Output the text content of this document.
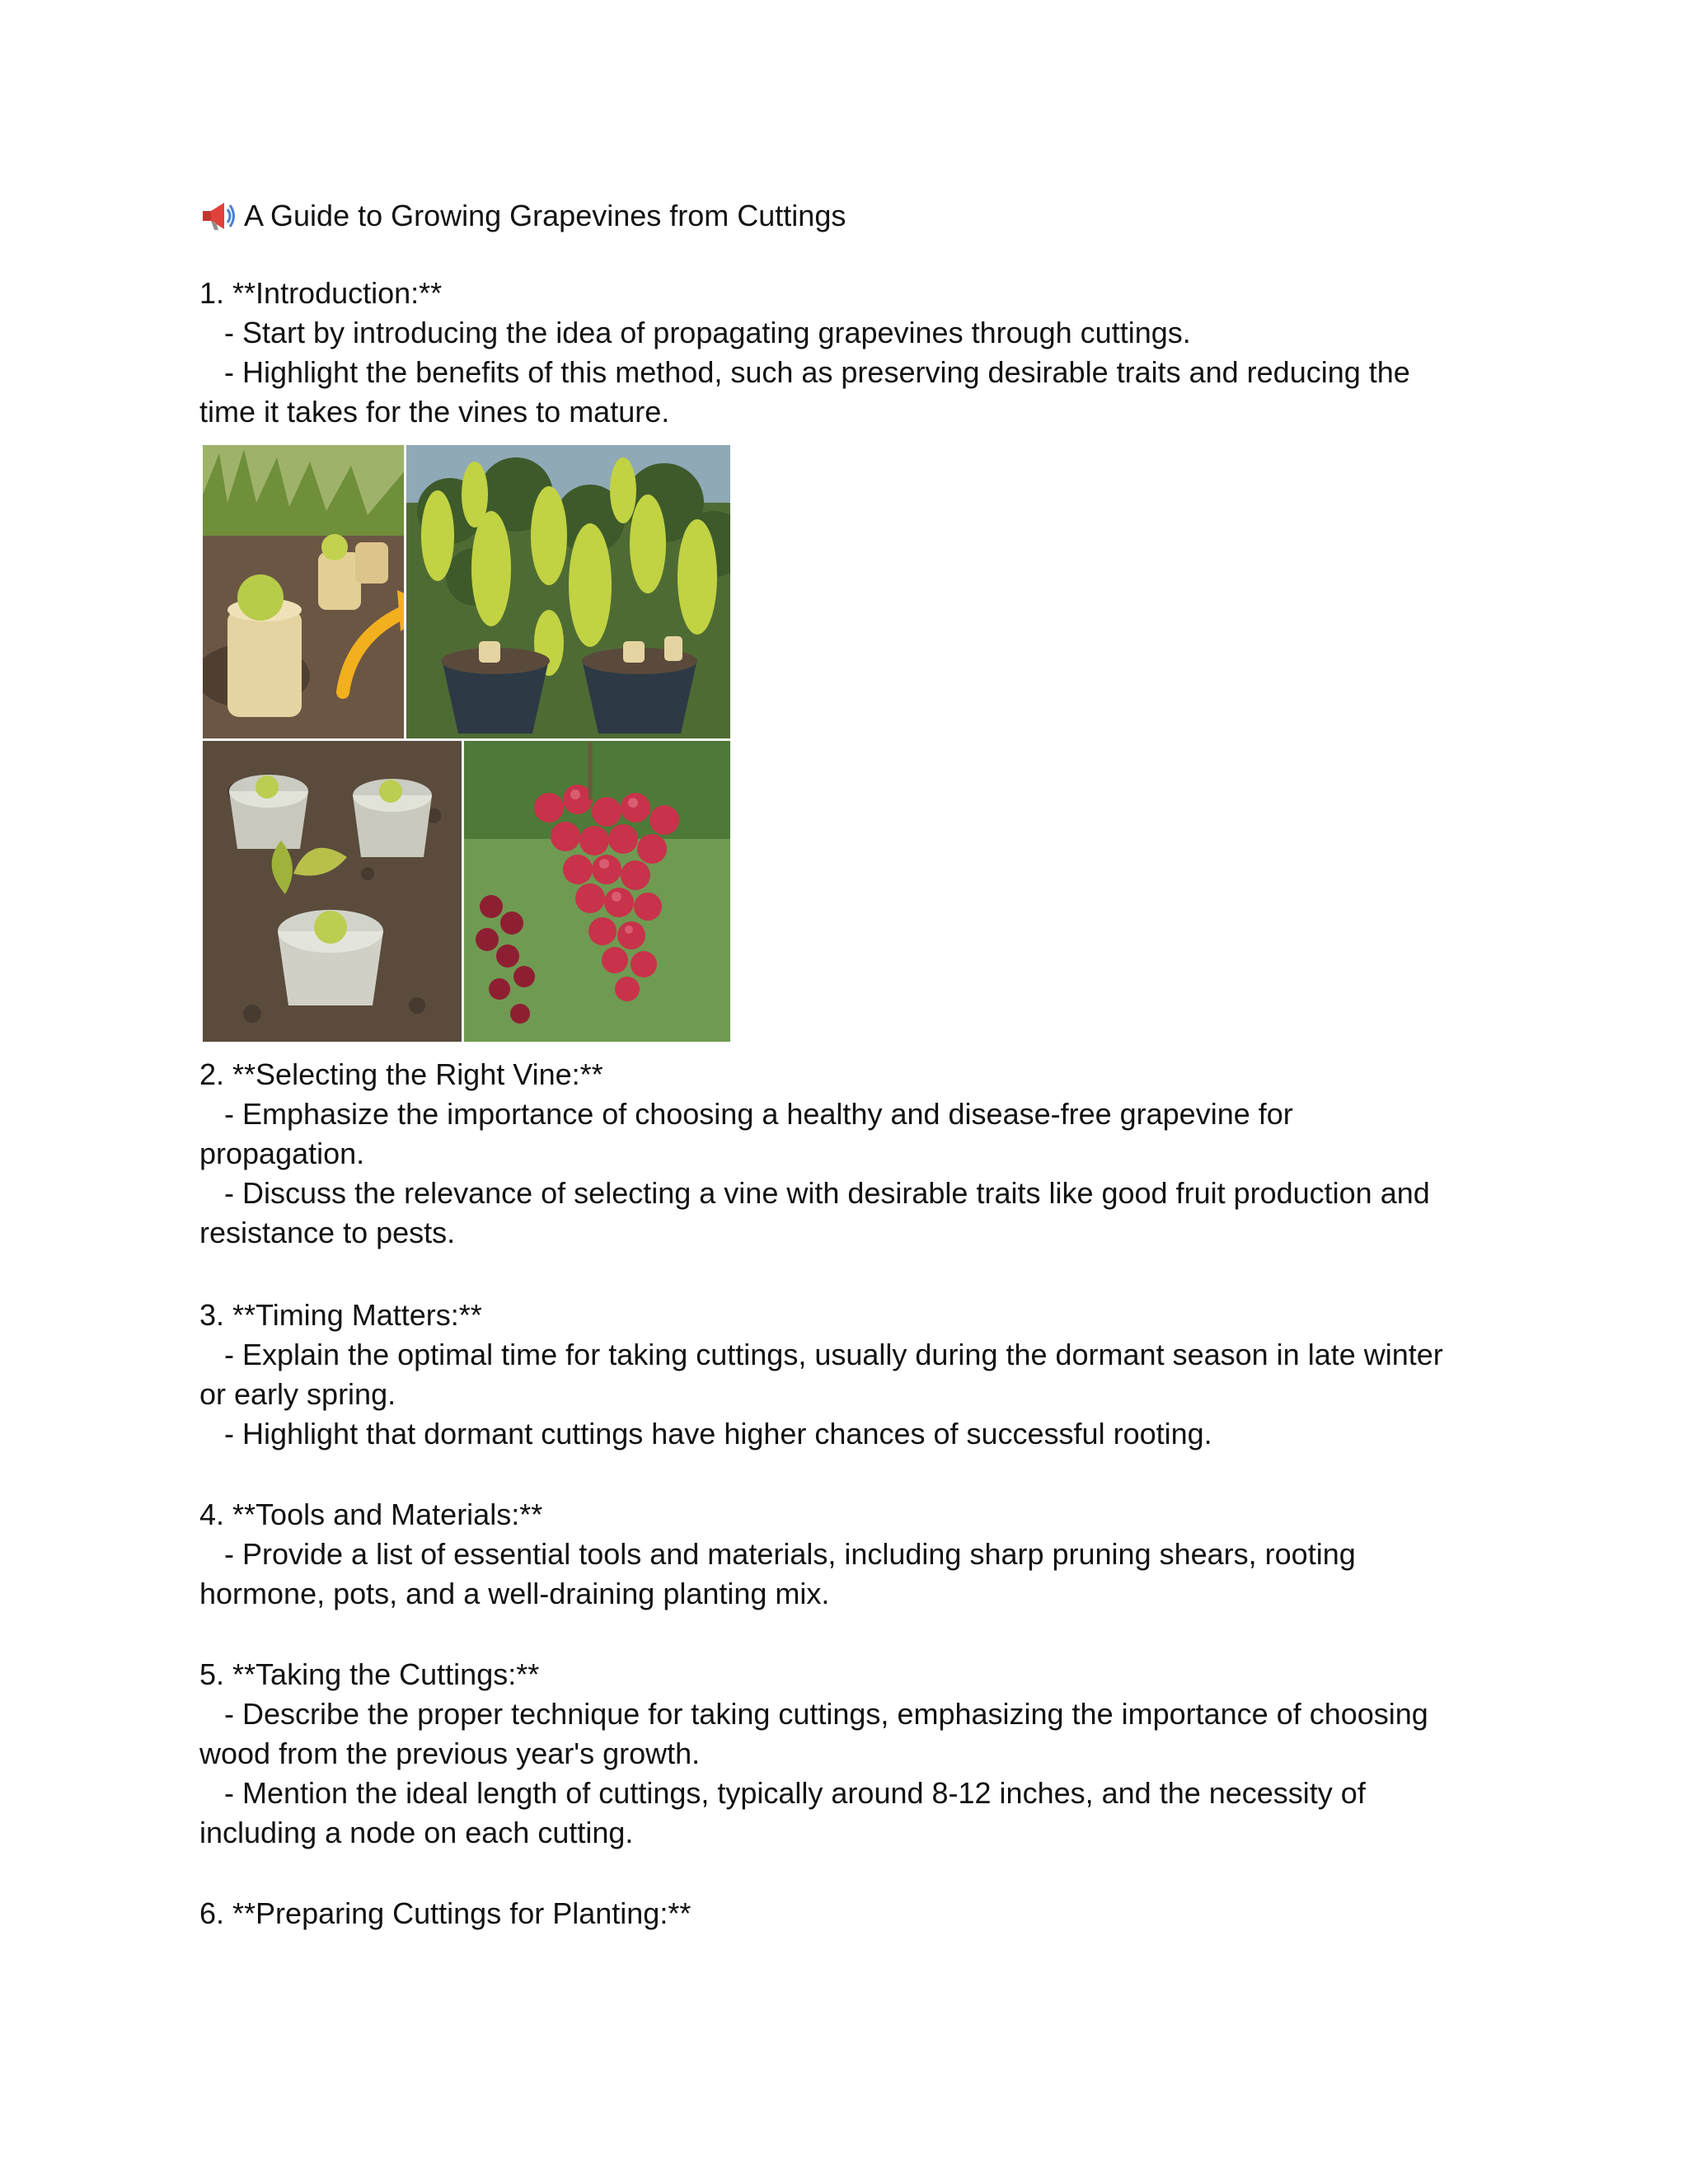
A Guide to Growing Grapevines from Cuttings
1. **Introduction:**
- Start by introducing the idea of propagating grapevines through cuttings.
- Highlight the benefits of this method, such as preserving desirable traits and reducing the
time it takes for the vines to mature.
2. **Selecting the Right Vine:**
- Emphasize the importance of choosing a healthy and disease-free grapevine for
propagation.
- Discuss the relevance of selecting a vine with desirable traits like good fruit production and
resistance to pests.
3. **Timing Matters:**
- Explain the optimal time for taking cuttings, usually during the dormant season in late winter
or early spring.
- Highlight that dormant cuttings have higher chances of successful rooting.
4. **Tools and Materials:**
- Provide a list of essential tools and materials, including sharp pruning shears, rooting
hormone, pots, and a well-draining planting mix.
5. **Taking the Cuttings:**
- Describe the proper technique for taking cuttings, emphasizing the importance of choosing
wood from the previous year's growth.
- Mention the ideal length of cuttings, typically around 8-12 inches, and the necessity of
including a node on each cutting.
6. **Preparing Cuttings for Planting:**
